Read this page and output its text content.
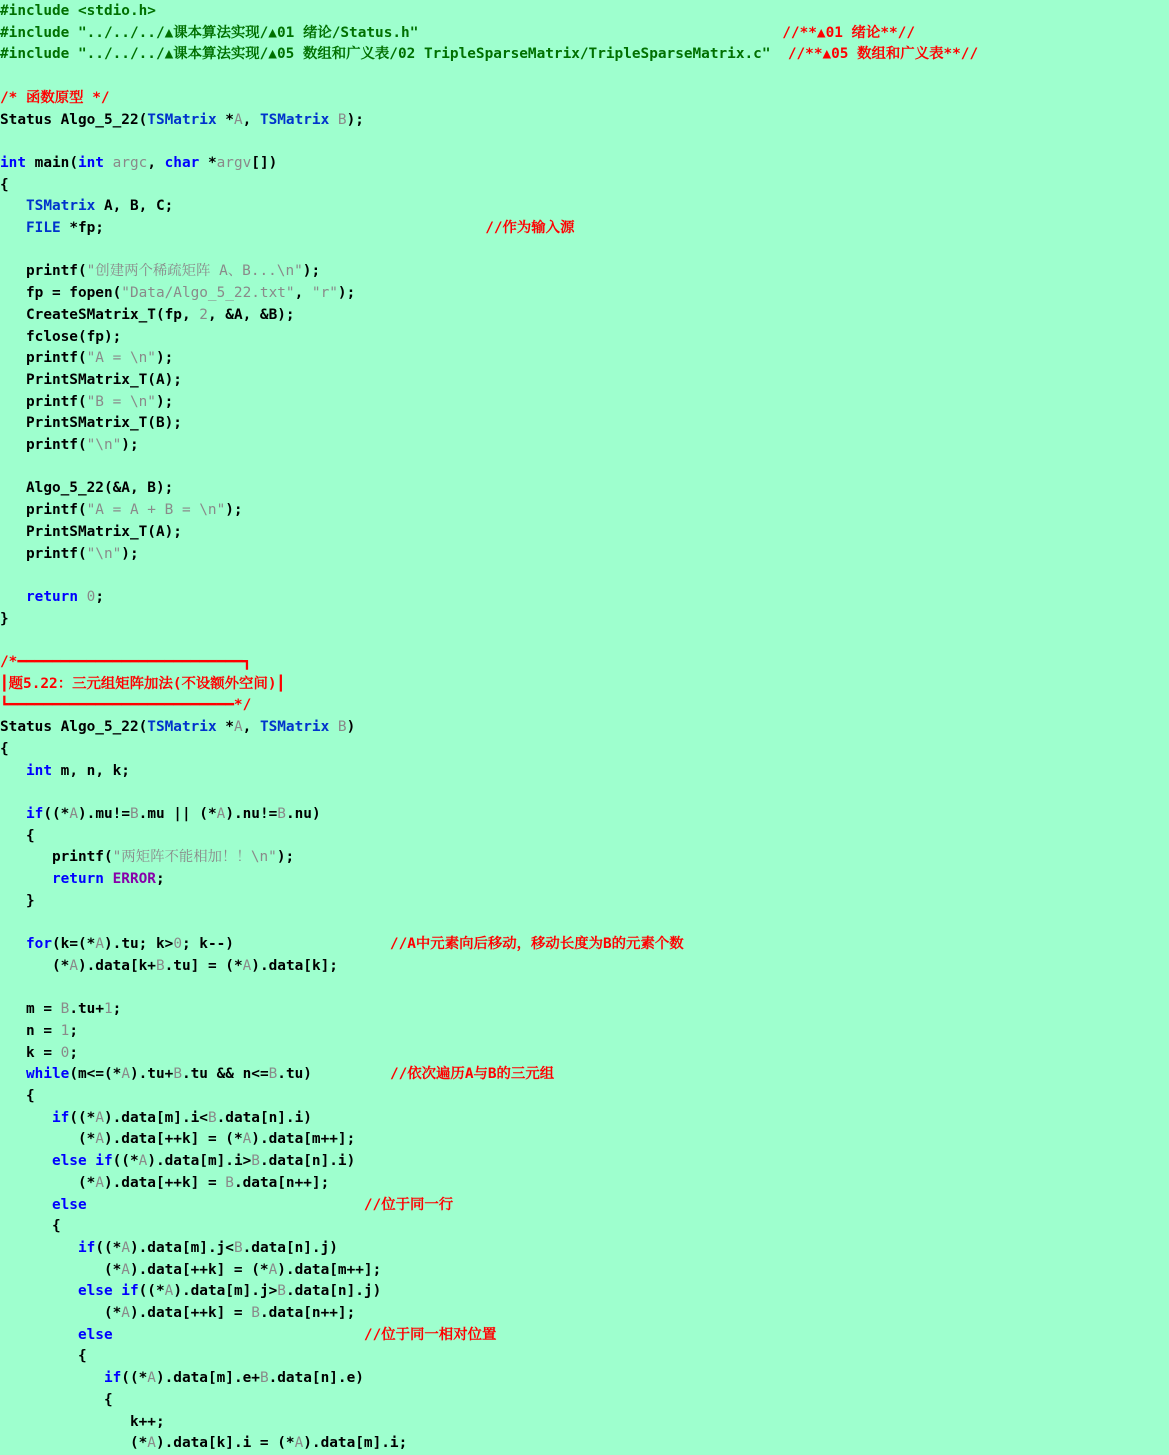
#include <stdio.h>
#include "../../../▲课本算法实现/▲01 绪论/Status.h"                                          //**▲01 绪论**//
#include "../../../▲课本算法实现/▲05 数组和广义表/02 TripleSparseMatrix/TripleSparseMatrix.c"  //**▲05 数组和广义表**//
/* 函数原型 */
Status Algo_5_22(TSMatrix *A, TSMatrix B);
int main(int argc, char *argv[])
{
TSMatrix A, B, C;
FILE *fp;                                            //作为输入源
printf("创建两个稀疏矩阵 A、B...\n");
fp = fopen("Data/Algo_5_22.txt", "r");
CreateSMatrix_T(fp, 2, &A, &B);
fclose(fp);
printf("A = \n");
PrintSMatrix_T(A);
printf("B = \n");
PrintSMatrix_T(B);
printf("\n");
Algo_5_22(&A, B);
printf("A = A + B = \n");
PrintSMatrix_T(A);
printf("\n");
return 0;
}
/*━━━━━━━━━━━━━━━━━━━━━━━━━━┓
┃题5.22：三元组矩阵加法(不设额外空间)┃
┗━━━━━━━━━━━━━━━━━━━━━━━━━━*/
Status Algo_5_22(TSMatrix *A, TSMatrix B)
{
int m, n, k;
if((*A).mu!=B.mu || (*A).nu!=B.nu)
{
printf("两矩阵不能相加！！\n");
return ERROR;
}
for(k=(*A).tu; k>0; k--)                  //A中元素向后移动，移动长度为B的元素个数
(*A).data[k+B.tu] = (*A).data[k];
m = B.tu+1;
n = 1;
k = 0;
while(m<=(*A).tu+B.tu && n<=B.tu)         //依次遍历A与B的三元组
{
if((*A).data[m].i<B.data[n].i)
(*A).data[++k] = (*A).data[m++];
else if((*A).data[m].i>B.data[n].i)
(*A).data[++k] = B.data[n++];
else	//位于同一行
{
if((*A).data[m].j<B.data[n].j)
(*A).data[++k] = (*A).data[m++];
else if((*A).data[m].j>B.data[n].j)
(*A).data[++k] = B.data[n++];
else	//位于同一相对位置
{
if((*A).data[m].e+B.data[n].e)
{
k++;
(*A).data[k].i = (*A).data[m].i;
